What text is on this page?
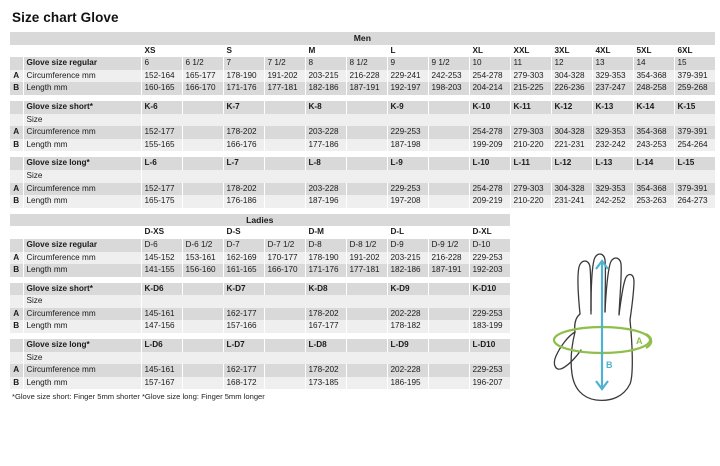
Size chart Glove
Men															
		XS		S		M		L		XL	XXL	3XL	4XL	5XL	6XL
	Glove size regular	6	6 1/2	7	7 1/2	8	8 1/2	9	9 1/2	10	11	12	13	14	15
A	Circumference mm	152-164	165-177	178-190	191-202	203-215	216-228	229-241	242-253	254-278	279-303	304-328	329-353	354-368	379-391
B	Length mm	160-165	166-170	171-176	177-181	182-186	187-191	192-197	198-203	204-214	215-225	226-236	237-247	248-258	259-268

	Glove size short*	K-6		K-7		K-8		K-9		K-10	K-11	K-12	K-13	K-14	K-15
	Size														
A	Circumference mm	152-177		178-202		203-228		229-253		254-278	279-303	304-328	329-353	354-368	379-391
B	Length mm	155-165		166-176		177-186		187-198		199-209	210-220	221-231	232-242	243-253	254-264

	Glove size long*	L-6		L-7		L-8		L-9		L-10	L-11	L-12	L-13	L-14	L-15
	Size														
A	Circumference mm	152-177		178-202		203-228		229-253		254-278	279-303	304-328	329-353	354-368	379-391
B	Length mm	165-175		176-186		187-196		197-208		209-219	210-220	231-241	242-252	253-263	264-273

Ladies															
		D-XS		D-S		D-M		D-L		D-XL					
	Glove size regular	D-6	D-6 1/2	D-7	D-7 1/2	D-8	D-8 1/2	D-9	D-9 1/2	D-10					
A	Circumference mm	145-152	153-161	162-169	170-177	178-190	191-202	203-215	216-228	229-253					
B	Length mm	141-155	156-160	161-165	166-170	171-176	177-181	182-186	187-191	192-203					

	Glove size short*	K-D6		K-D7		K-D8		K-D9		K-D10					
	Size														
A	Circumference mm	145-161		162-177		178-202		202-228		229-253					
B	Length mm	147-156		157-166		167-177		178-182		183-199					

	Glove size long*	L-D6		L-D7		L-D8		L-D9		L-D10					
	Size														
A	Circumference mm	145-161		162-177		178-202		202-228		229-253					
B	Length mm	157-167		168-172		173-185		186-195		196-207					
*Glove size short: Finger 5mm shorter *Glove size long: Finger 5mm longer
A
B
